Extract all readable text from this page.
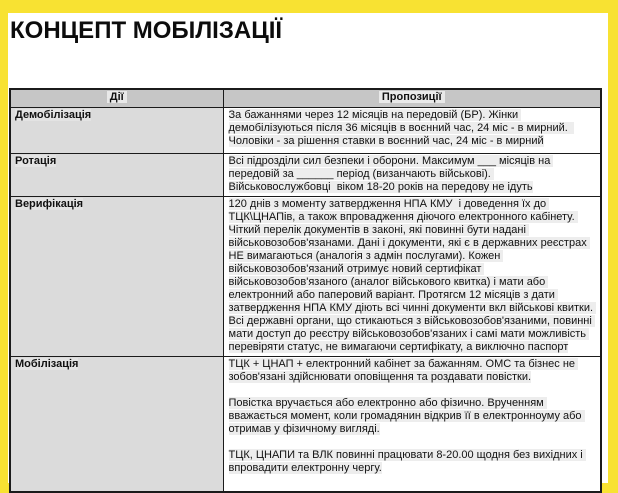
КОНЦЕПТ МОБІЛІЗАЦІЇ
Дії	Пропозиції
Демобілізація	За бажаннями через 12 місяців на передовій (БР). Жінки демобілізуються після 36 місяців в воєнний час, 24 міс - в мирний.  Чоловіки - за рішення ставки в воєнний час, 24 міс - в мирний

Ротація	Всі підрозділи сил безпеки і оборони. Максимум ___ місяців на передовій за ______ період (визанчають військові). Військовослужбовці  віком 18-20 років на передову не ідуть

Верифікація	120 днів з моменту затвердження НПА КМУ  і доведення їх до ТЦК\ЦНАПів, а також впровадження діючого електронного кабінету. Чіткий перелік документів в законі, які повинні бути надані військовозобов'язанами. Дані і документи, які є в державних реєстрах НЕ вимагаються (аналогія з адмін послугами). Кожен військовозобов'язаний отримує новий сертифікат військовозобов'язаного (аналог військового квитка) і мати або електронний або паперовий варіант. Протягсм 12 місяців з дати затвердження НПА КМУ діють всі чинні документи вкл військові квитки. Всі державні органи, що стикаються з військовозобов'язаними, повинні мати доступ до реєстру військовозобов'язаних і самі мати можливість перевіряти статус, не вимагаючи сертифікату, а виключно паспорт

Мобілізація	ТЦК + ЦНАП + електронний кабінет за бажанням. ОМС та бізнес не зобов'язані здійснювати оповіщення та роздавати повістки.

Повістка вручається або електронно або фізично. Врученням вважається момент, коли громадянин відкрив її в електронноуму або отримав у фізичному вигляді.

ТЦК, ЦНАПИ та ВЛК повинні працювати 8-20.00 щодня без вихідних і впровадити електронну чергу.
